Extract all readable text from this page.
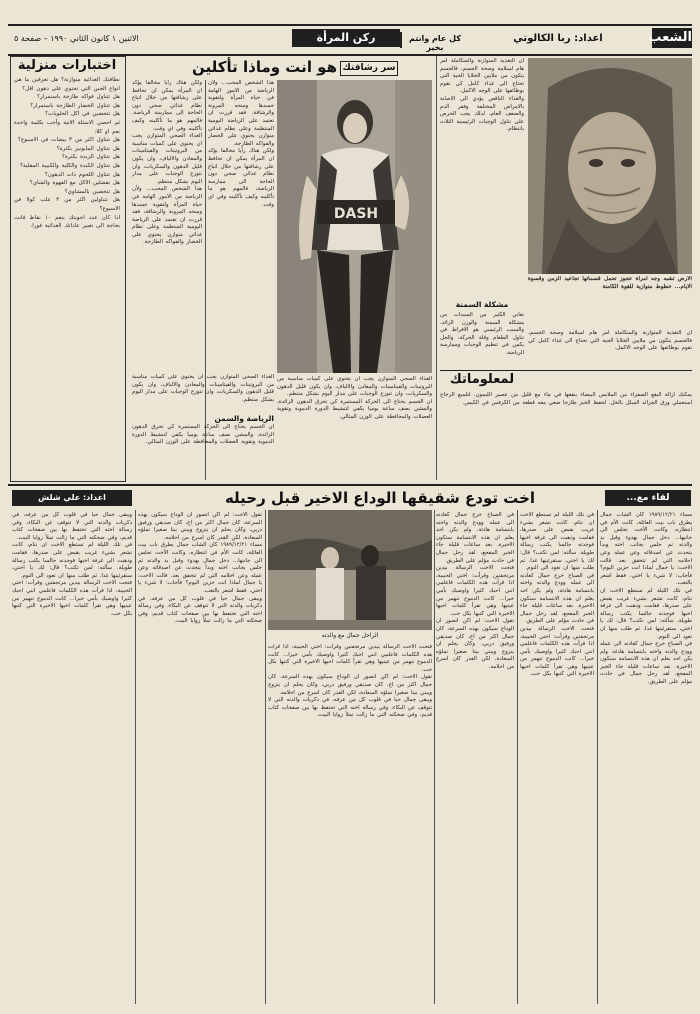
الشعب
اعداد: ربا الكالوتي
كل عام وانتم بخير
ركن المرأة
الاثنين ١ كانون الثاني ١٩٩٠ – صفحة ٥
اختبارات منزلية

نظافتك الغذائية متوازنة؟ هل تعرفين ما هي انواع الجبن التي تحتوي على دهون اقل؟

هل تتناول فواكه طازجة باستمرار؟

هل تتناول الخضار الطازجة باستمرار؟

هل تتحضين في اكل الحلويات؟

ثم احصي الاسئلة الاتية وأجب بكلمة واحدة نعم او كلا:

هل تتناول اكثر من ٣ بيضات في الاسبوع؟

هل تتناول المايونيز بكثرة؟

هل تتناول الزبدة بكثرة؟

هل تتناول الكبدة والكلية والكبيبة المقلية؟

هل تتناول اللحوم ذات الدهون؟

هل تفضلين الاكل مع القهوة والشاي؟

هل تتحضين بالمشاوي؟

هل تتناولين اكثر من ٣ علب كولا في الاسبوع؟

اذا كان عدد اجوبتك بنعم ١٠ نقاط فانت بحاجة الى تغيير عاداتك الغذائية فورا.

سر رشاقتك
هو انت وماذا تأكلين
DASH

ولكن هناك رأيا مخالفا يؤكد ان المرأة يمكن ان تحافظ على رشاقتها من خلال اتباع نظام غذائي صحي دون الحاجة الى ممارسة الرياضة، فالمهم هو ما تأكلينه وكيف تأكلينه وفي اي وقت.

الغذاء الصحي المتوازن يجب ان يحتوي على كميات مناسبة من البروتينات والفيتامينات والمعادن والالياف، وان يكون قليل الدهون والسكريات، وان تتوزع الوجبات على مدار اليوم بشكل منتظم.

هذا الشخص المحب... ولأن الرياضة من الامور الهامة في حياة المرأة ولتقوية جسدها ومنحه المرونة والرشاقة، فقد قررت ان تعتمد على الرياضة اليومية المنتظمة وعلى نظام غذائي متوازن يحتوي على الخضار والفواكه الطازجة.

هذا الشخص المحب... ولأن الرياضة من الامور الهامة في حياة المرأة ولتقوية جسدها ومنحه المرونة والرشاقة، فقد قررت ان تعتمد على الرياضة اليومية المنتظمة وعلى نظام غذائي متوازن يحتوي على الخضار والفواكه الطازجة.

ولكن هناك رأيا مخالفا يؤكد ان المرأة يمكن ان تحافظ على رشاقتها من خلال اتباع نظام غذائي صحي دون الحاجة الى ممارسة الرياضة، فالمهم هو ما تأكلينه وكيف تأكلينه وفي اي وقت.

الغذاء الصحي المتوازن يجب ان يحتوي على كميات مناسبة من البروتينات والفيتامينات والمعادن والالياف، وان يكون قليل الدهون والسكريات، وان تتوزع الوجبات على مدار اليوم بشكل منتظم.

الرياضة والسمن

ان الجسم يحتاج الى الحركة المستمرة كي تحرق الدهون الزائدة، والمشي نصف ساعة يوميا يكفي لتنشيط الدورة الدموية وتقوية العضلات والمحافظة على الوزن المثالي.

الغذاء الصحي المتوازن يجب ان يحتوي على كميات مناسبة من البروتينات والفيتامينات والمعادن والالياف، وان يكون قليل الدهون والسكريات، وان تتوزع الوجبات على مدار اليوم بشكل منتظم.

ان الجسم يحتاج الى الحركة المستمرة كي تحرق الدهون الزائدة، والمشي نصف ساعة يوميا يكفي لتنشيط الدورة الدموية وتقوية العضلات والمحافظة على الوزن المثالي.

ان التغذية المتوازنة والمتكاملة امر هام لسلامة وصحة الجسم، فالجسم يتكون من ملايين الخلايا الحية التي تحتاج الى غذاء كامل كي تقوم بوظائفها على الوجه الاكمل.

والغذاء الناقص يؤدي الى الاصابة بالامراض المختلفة وفقر الدم والضعف العام، لذلك يجب الحرص على تناول الوجبات الرئيسية الثلاث بانتظام.

مشكلة السمنة

تعاني الكثير من السيدات من مشكلة السمنة والوزن الزائد، والسبب الرئيسي هو الافراط في تناول الطعام وقلة الحركة، والحل يكمن في تنظيم الوجبات وممارسة الرياضة.

الارض تشبه وجه امرأة عجوز تحمل قسماتها تجاعيد الزمن وقسوة الايام... خطوط متوازية للقوة الكامنة
لمعلوماتك

ان التغذية المتوازنة والمتكاملة امر هام لسلامة وصحة الجسم، فالجسم يتكون من ملايين الخلايا الحية التي تحتاج الى غذاء كامل كي تقوم بوظائفها على الوجه الاكمل.

يمكنك ازالة البقع الصفراء من الملابس البيضاء بنقعها في ماء مع قليل من عصير الليمون. لتلميع الزجاج استعملي ورق الجرائد المبلل بالخل. لحفظ الخبز طازجا ضعي معه قطعة من الكرفس في الكيس.

لقاء مع...
اخت تودع شقيقها الوداع الاخير قبل رحيله
اعداد: علي شلش
الراحل جمال مع والدته

مساء ١٩٨٩/١٢/٢١ كان الشاب جمال يطرق باب بيت العائلة، كانت الأم في انتظاره، وكانت الأخت تجلس الى جانبها... دخل جمال بهدوء وقبل يد والدته ثم جلس بجانب اخته وبدأ يتحدث عن اصدقائه وعن عمله وعن احلامه التي لم تتحقق بعد. قالت الاخت: يا جمال لماذا انت حزين اليوم؟ فأجاب: لا شيء يا اختي، فقط اشعر بالتعب.

في تلك الليلة لم تستطع الاخت ان تنام، كانت تشعر بشيء غريب يقبض على صدرها، فقامت وذهبت الى غرفة اخيها فوجدته جالسا يكتب رسالة طويلة. سألته: لمن تكتب؟ قال: لك يا اختي، ستقرئينها غدا. ثم طلب منها ان تعود الى النوم.

في الصباح خرج جمال كعادته الى عمله وودع والدته واخته بابتسامة هادئة، ولم يكن احد يعلم ان هذه الابتسامة ستكون الاخيرة. بعد ساعات قليلة جاء الخبر المفجع، لقد رحل جمال في حادث مؤلم على الطريق.

في تلك الليلة لم تستطع الاخت ان تنام، كانت تشعر بشيء غريب يقبض على صدرها، فقامت وذهبت الى غرفة اخيها فوجدته جالسا يكتب رسالة طويلة. سألته: لمن تكتب؟ قال: لك يا اختي، ستقرئينها غدا. ثم طلب منها ان تعود الى النوم.

في الصباح خرج جمال كعادته الى عمله وودع والدته واخته بابتسامة هادئة، ولم يكن احد يعلم ان هذه الابتسامة ستكون الاخيرة. بعد ساعات قليلة جاء الخبر المفجع، لقد رحل جمال في حادث مؤلم على الطريق.

فتحت الاخت الرسالة بيدين مرتجفتين وقرأت: اختي الحبيبة، اذا قرأت هذه الكلمات فاعلمي انني احبك كثيرا واوصيك بأمي خيرا... كانت الدموع تنهمر من عينيها وهي تقرأ كلمات اخيها الاخيرة التي كتبها بكل حب.

في الصباح خرج جمال كعادته الى عمله وودع والدته واخته بابتسامة هادئة، ولم يكن احد يعلم ان هذه الابتسامة ستكون الاخيرة. بعد ساعات قليلة جاء الخبر المفجع، لقد رحل جمال في حادث مؤلم على الطريق.

فتحت الاخت الرسالة بيدين مرتجفتين وقرأت: اختي الحبيبة، اذا قرأت هذه الكلمات فاعلمي انني احبك كثيرا واوصيك بأمي خيرا... كانت الدموع تنهمر من عينيها وهي تقرأ كلمات اخيها الاخيرة التي كتبها بكل حب.

تقول الاخت: لم اكن اتصور ان الوداع سيكون بهذه السرعة، كان جمال اكثر من اخ، كان صديقي ورفيق دربي، وكان يحلم ان يتزوج ويبني بيتا صغيرا تملؤه السعادة، لكن القدر كان اسرع من احلامه.

فتحت الاخت الرسالة بيدين مرتجفتين وقرأت: اختي الحبيبة، اذا قرأت هذه الكلمات فاعلمي انني احبك كثيرا واوصيك بأمي خيرا... كانت الدموع تنهمر من عينيها وهي تقرأ كلمات اخيها الاخيرة التي كتبها بكل حب.

تقول الاخت: لم اكن اتصور ان الوداع سيكون بهذه السرعة، كان جمال اكثر من اخ، كان صديقي ورفيق دربي، وكان يحلم ان يتزوج ويبني بيتا صغيرا تملؤه السعادة، لكن القدر كان اسرع من احلامه.

ويبقى جمال حيا في قلوب كل من عرفه، في ذكريات والدته التي لا تتوقف عن البكاء، وفي رسالة اخته التي تحتفظ بها بين صفحات كتاب قديم، وفي ضحكته التي ما زالت تملأ زوايا البيت.

تقول الاخت: لم اكن اتصور ان الوداع سيكون بهذه السرعة، كان جمال اكثر من اخ، كان صديقي ورفيق دربي، وكان يحلم ان يتزوج ويبني بيتا صغيرا تملؤه السعادة، لكن القدر كان اسرع من احلامه.

مساء ١٩٨٩/١٢/٢١ كان الشاب جمال يطرق باب بيت العائلة، كانت الأم في انتظاره، وكانت الأخت تجلس الى جانبها... دخل جمال بهدوء وقبل يد والدته ثم جلس بجانب اخته وبدأ يتحدث عن اصدقائه وعن عمله وعن احلامه التي لم تتحقق بعد. قالت الاخت: يا جمال لماذا انت حزين اليوم؟ فأجاب: لا شيء يا اختي، فقط اشعر بالتعب.

ويبقى جمال حيا في قلوب كل من عرفه، في ذكريات والدته التي لا تتوقف عن البكاء، وفي رسالة اخته التي تحتفظ بها بين صفحات كتاب قديم، وفي ضحكته التي ما زالت تملأ زوايا البيت.

ويبقى جمال حيا في قلوب كل من عرفه، في ذكريات والدته التي لا تتوقف عن البكاء، وفي رسالة اخته التي تحتفظ بها بين صفحات كتاب قديم، وفي ضحكته التي ما زالت تملأ زوايا البيت.

في تلك الليلة لم تستطع الاخت ان تنام، كانت تشعر بشيء غريب يقبض على صدرها، فقامت وذهبت الى غرفة اخيها فوجدته جالسا يكتب رسالة طويلة. سألته: لمن تكتب؟ قال: لك يا اختي، ستقرئينها غدا. ثم طلب منها ان تعود الى النوم.

فتحت الاخت الرسالة بيدين مرتجفتين وقرأت: اختي الحبيبة، اذا قرأت هذه الكلمات فاعلمي انني احبك كثيرا واوصيك بأمي خيرا... كانت الدموع تنهمر من عينيها وهي تقرأ كلمات اخيها الاخيرة التي كتبها بكل حب.
